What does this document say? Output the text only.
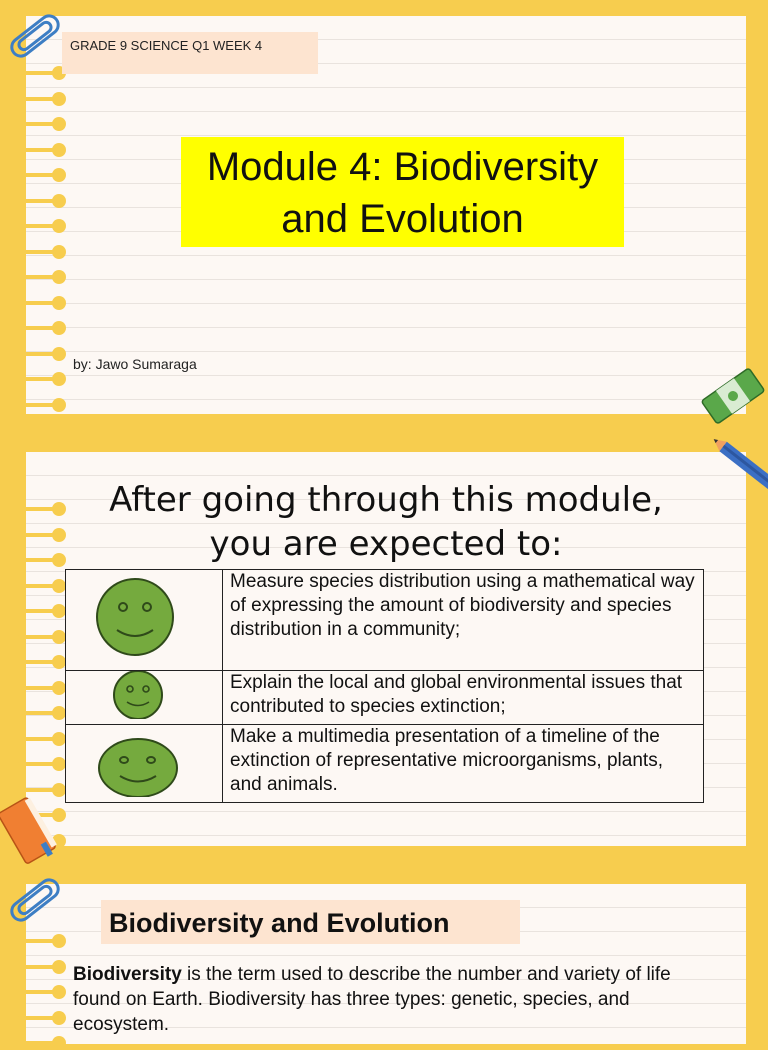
GRADE 9 SCIENCE Q1 WEEK 4
Module 4: Biodiversity
and Evolution
by: Jawo Sumaraga
After going through this module,
you are expected to:
	Measure species distribution using a mathematical way of expressing the amount of biodiversity and species distribution in a community;
	Explain the local and global environmental issues that contributed to species extinction;
	Make a multimedia presentation of a timeline of the extinction of representative microorganisms, plants, and animals.
Biodiversity and Evolution
Biodiversity is the term used to describe the number and variety of life found on Earth. Biodiversity has three types: genetic, species, and ecosystem.
